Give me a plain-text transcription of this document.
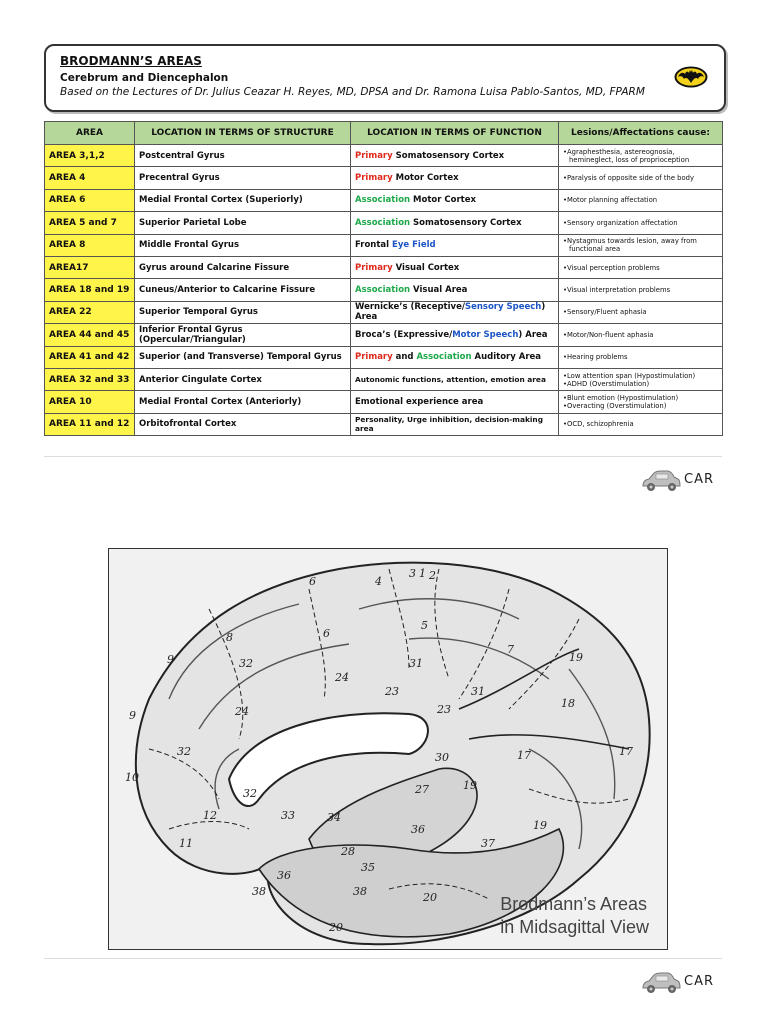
BRODMANN’S AREAS
Cerebrum and Diencephalon
Based on the Lectures of Dr. Julius Ceazar H. Reyes, MD, DPSA and Dr. Ramona Luisa Pablo-Santos, MD, FPARM
AREA	LOCATION IN TERMS OF STRUCTURE	LOCATION IN TERMS OF FUNCTION	Lesions/Affectations cause:
AREA 3,1,2	Postcentral Gyrus	Primary Somatosensory Cortex	•Agraphesthesia, astereognosia,
hemineglect, loss of proprioception

AREA 4	Precentral Gyrus	Primary Motor Cortex	•Paralysis of opposite side of the body

AREA 6	Medial Frontal Cortex (Superiorly)	Association Motor Cortex	•Motor planning affectation

AREA 5 and 7	Superior Parietal Lobe	Association Somatosensory Cortex	•Sensory organization affectation

AREA 8	Middle Frontal Gyrus	Frontal Eye Field	•Nystagmus towards lesion, away from
functional area

AREA17	Gyrus around Calcarine Fissure	Primary Visual Cortex	•Visual perception problems

AREA 18 and 19	Cuneus/Anterior to Calcarine Fissure	Association Visual Area	•Visual interpretation problems

AREA 22	Superior Temporal Gyrus	Wernicke’s (Receptive/Sensory Speech) Area	•Sensory/Fluent aphasia

AREA 44 and 45	Inferior Frontal Gyrus (Opercular/Triangular)	Broca’s (Expressive/Motor Speech) Area	•Motor/Non-fluent aphasia

AREA 41 and 42	Superior (and Transverse) Temporal Gyrus	Primary and Association Auditory Area	•Hearing problems

AREA 32 and 33	Anterior Cingulate Cortex	Autonomic functions, attention, emotion area	•Low attention span (Hypostimulation)
•ADHD (Overstimulation)

AREA 10	Medial Frontal Cortex (Anteriorly)	Emotional experience area	•Blunt emotion (Hypostimulation)
•Overacting (Overstimulation)

AREA 11 and 12	Orbitofrontal Cortex	Personality, Urge inhibition, decision-making area	•OCD, schizophrenia
CAR
6	4
3 1 2
5
6
8
9	32	31
7
19
24
23	31
18
9	24	23
17
32
10
32	27
30
19
12	33	34
17
11
36	19
28
35
37
38
36
38	20
20
Brodmann’s Areas
in Midsagittal View
CAR
